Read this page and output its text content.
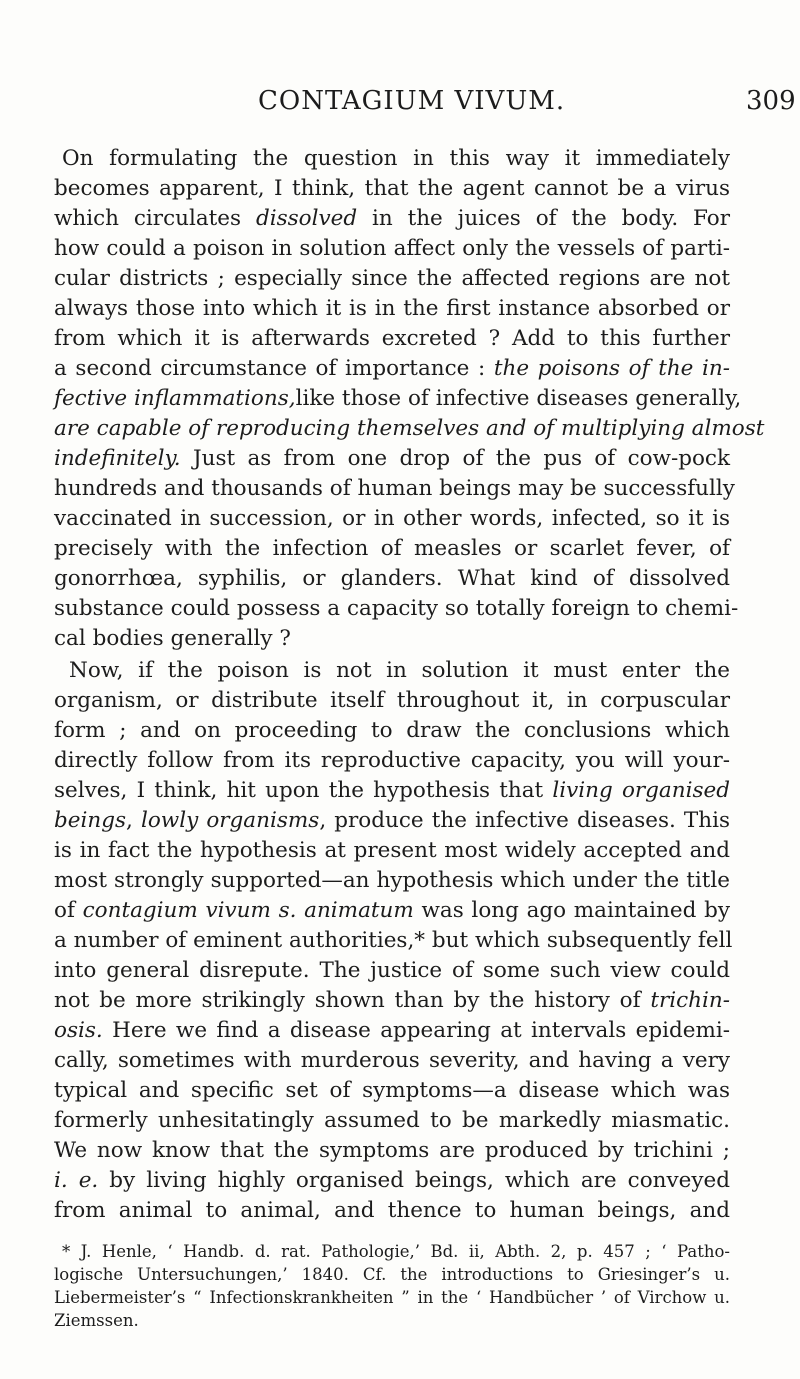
CONTAGIUM VIVUM.	309
On formulating the question in this way it immediately
becomes apparent, I think, that the agent cannot be a virus
which circulates dissolved in the juices of the body. For
how could a poison in solution affect only the vessels of parti-
cular districts ; especially since the affected regions are not
always those into which it is in the first instance absorbed or
from which it is afterwards excreted ? Add to this further
a second circumstance of importance : the poisons of the in-
fective inflammations,like those of infective diseases generally,
are capable of reproducing themselves and of multiplying almost
indefinitely. Just as from one drop of the pus of cow-pock
hundreds and thousands of human beings may be successfully
vaccinated in succession, or in other words, infected, so it is
precisely with the infection of measles or scarlet fever, of
gonorrhœa, syphilis, or glanders. What kind of dissolved
substance could possess a capacity so totally foreign to chemi-
cal bodies generally ?
Now, if the poison is not in solution it must enter the
organism, or distribute itself throughout it, in corpuscular
form ; and on proceeding to draw the conclusions which
directly follow from its reproductive capacity, you will your-
selves, I think, hit upon the hypothesis that living organised
beings, lowly organisms, produce the infective diseases. This
is in fact the hypothesis at present most widely accepted and
most strongly supported—an hypothesis which under the title
of contagium vivum s. animatum was long ago maintained by
a number of eminent authorities,* but which subsequently fell
into general disrepute. The justice of some such view could
not be more strikingly shown than by the history of trichin-
osis. Here we find a disease appearing at intervals epidemi-
cally, sometimes with murderous severity, and having a very
typical and specific set of symptoms—a disease which was
formerly unhesitatingly assumed to be markedly miasmatic.
We now know that the symptoms are produced by trichini ;
i. e. by living highly organised beings, which are conveyed
from animal to animal, and thence to human beings, and
* J. Henle, ‘ Handb. d. rat. Pathologie,’ Bd. ii, Abth. 2, p. 457 ; ‘ Patho-
logische Untersuchungen,’ 1840. Cf. the introductions to Griesinger’s u.
Liebermeister’s “ Infectionskrankheiten ” in the ‘ Handbücher ’ of Virchow u.
Ziemssen.
